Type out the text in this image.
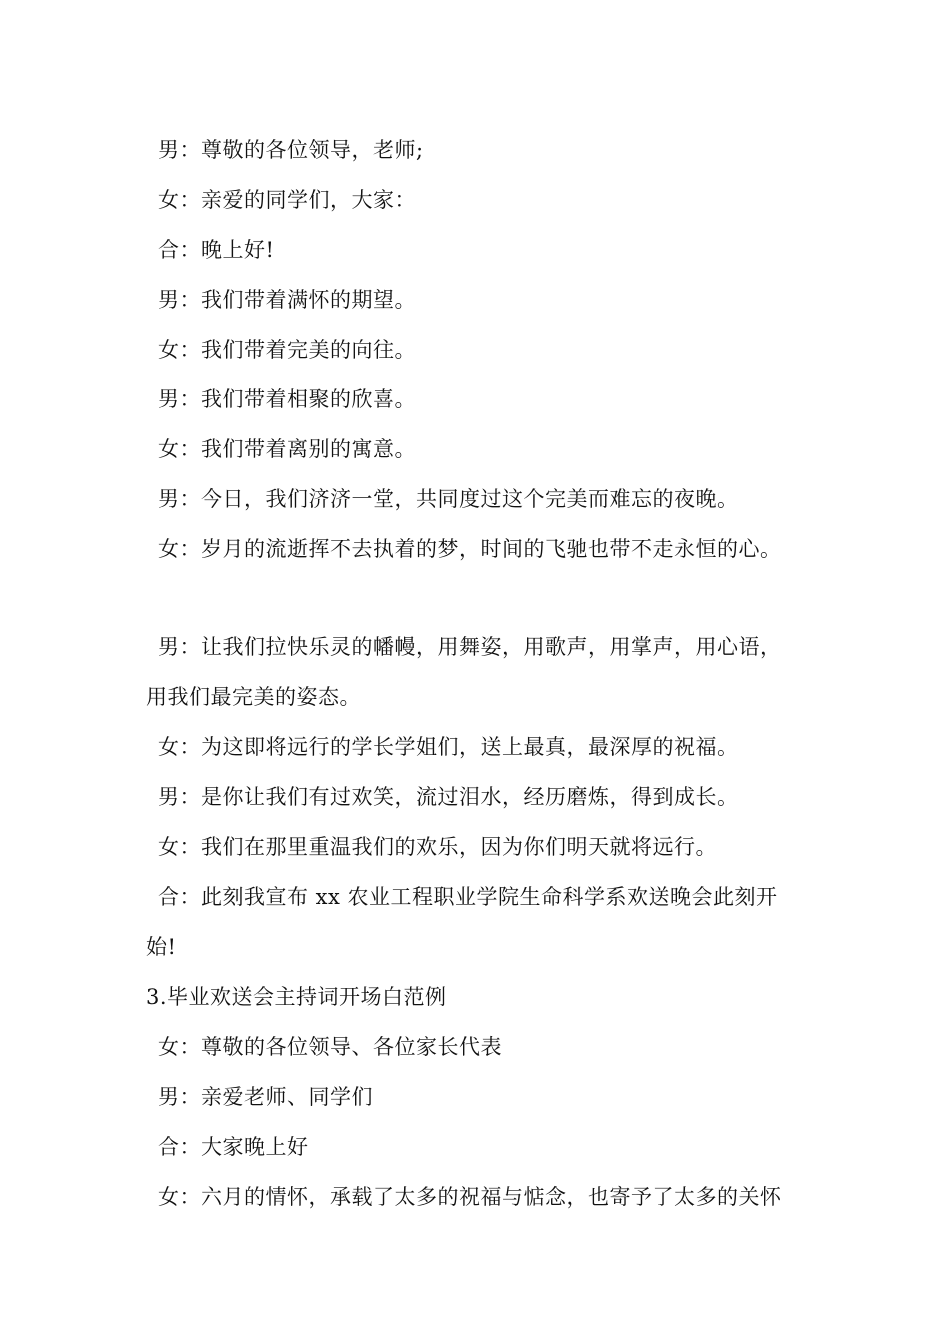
男：尊敬的各位领导，老师;
女：亲爱的同学们，大家：
合：晚上好!
男：我们带着满怀的期望。
女：我们带着完美的向往。
男：我们带着相聚的欣喜。
女：我们带着离别的寓意。
男：今日，我们济济一堂，共同度过这个完美而难忘的夜晚。
女：岁月的流逝挥不去执着的梦，时间的飞驰也带不走永恒的心。
男：让我们拉快乐灵的幡幔，用舞姿，用歌声，用掌声，用心语，
用我们最完美的姿态。
女：为这即将远行的学长学姐们，送上最真，最深厚的祝福。
男：是你让我们有过欢笑，流过泪水，经历磨炼，得到成长。
女：我们在那里重温我们的欢乐，因为你们明天就将远行。
合：此刻我宣布 xx 农业工程职业学院生命科学系欢送晚会此刻开
始!
3.毕业欢送会主持词开场白范例
女：尊敬的各位领导、各位家长代表
男：亲爱老师、同学们
合：大家晚上好
女：六月的情怀，承载了太多的祝福与惦念，也寄予了太多的关怀
